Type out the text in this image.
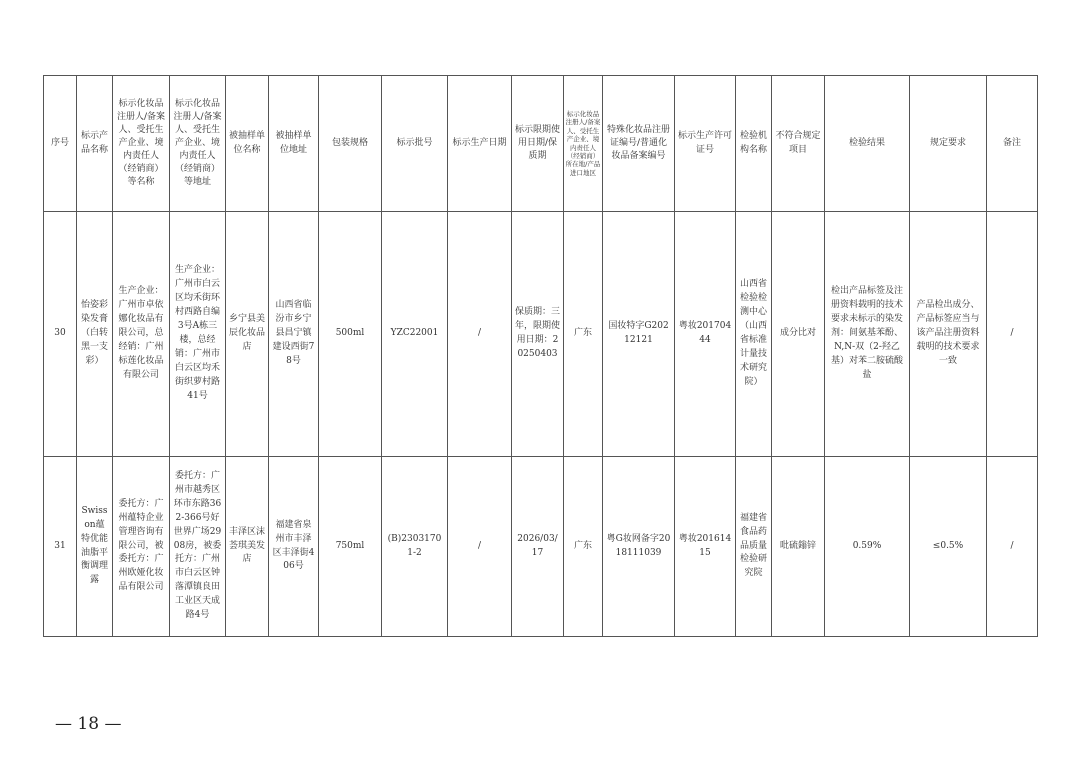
序号	标示产品名称	标示化妆品注册人/备案人、受托生产企业、境内责任人（经销商）等名称	标示化妆品注册人/备案人、受托生产企业、境内责任人（经销商）等地址	被抽样单位名称	被抽样单位地址	包装规格	标示批号	标示生产日期	标示限期使用日期/保质期	标示化妆品注册人/备案人、受托生产企业、境内责任人（经销商）所在地/产品进口地区	特殊化妆品注册证编号/普通化妆品备案编号	标示生产许可证号	检验机构名称	不符合规定项目	检验结果	规定要求	备注
30	怡姿彩染发膏（白转黑一支彩）	生产企业：广州市卓依娜化妆品有限公司，总经销：广州标莲化妆品有限公司	生产企业：广州市白云区均禾街环村西路自编3号A栋三楼，总经销：广州市白云区均禾街织萝村路41号	乡宁县美辰化妆品店	山西省临汾市乡宁县昌宁镇建设西街78号	500ml	YZC22001	/	保质期：三年，限期使用日期：20250403	广东	国妆特字G20212121	粤妆20170444	山西省检验检测中心（山西省标准计量技术研究院）	成分比对	检出产品标签及注册资料载明的技术要求未标示的染发剂：间氨基苯酚、N,N-双（2-羟乙基）对苯二胺硫酸盐	产品检出成分、产品标签应当与该产品注册资料载明的技术要求一致	/
31	Swisson蕴特优能油脂平衡调理露	委托方：广州蕴特企业管理咨询有限公司，被委托方：广州欧娅化妆品有限公司	委托方：广州市越秀区环市东路362-366号好世界广场2908房，被委托方：广州市白云区钟落潭镇良田工业区天成路4号	丰泽区沫荟琪美发店	福建省泉州市丰泽区丰泽街406号	750ml	(B)23031701-2	/	2026/03/17	广东	粤G妆网备字2018111039	粤妆20161415	福建省食品药品质量检验研究院	吡硫鎓锌	0.59%	≤0.5%	/
— 18 —
